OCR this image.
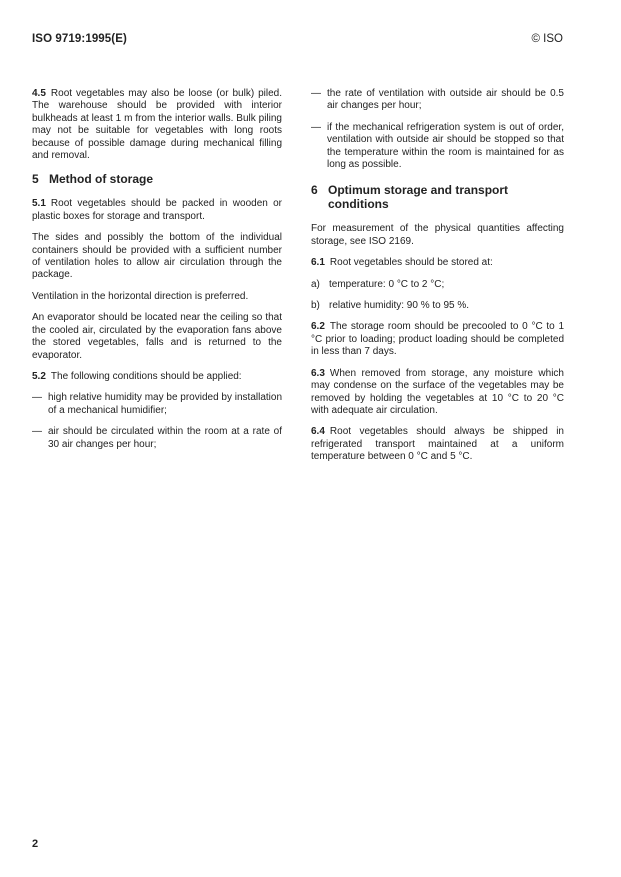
ISO 9719:1995(E)	© ISO

4.5 Root vegetables may also be loose (or bulk) piled. The warehouse should be provided with interior bulkheads at least 1 m from the interior walls. Bulk piling may not be suitable for vegetables with long roots because of possible damage during mechanical filling and removal.

5 Method of storage

5.1 Root vegetables should be packed in wooden or plastic boxes for storage and transport.

The sides and possibly the bottom of the individual containers should be provided with a sufficient number of ventilation holes to allow air circulation through the package.

Ventilation in the horizontal direction is preferred.

An evaporator should be located near the ceiling so that the cooled air, circulated by the evaporation fans above the stored vegetables, falls and is returned to the evaporator.

5.2 The following conditions should be applied:

— high relative humidity may be provided by installation of a mechanical humidifier;
— air should be circulated within the room at a rate of 30 air changes per hour;
— the rate of ventilation with outside air should be 0.5 air changes per hour;
— if the mechanical refrigeration system is out of order, ventilation with outside air should be stopped so that the temperature within the room is maintained for as long as possible.
6 Optimum storage and transport conditions

For measurement of the physical quantities affecting storage, see ISO 2169.

6.1 Root vegetables should be stored at:

a) temperature: 0 °C to 2 °C;
b) relative humidity: 90 % to 95 %.

6.2 The storage room should be precooled to 0 °C to 1 °C prior to loading; product loading should be completed in less than 7 days.

6.3 When removed from storage, any moisture which may condense on the surface of the vegetables may be removed by holding the vegetables at 10 °C to 20 °C with adequate air circulation.

6.4 Root vegetables should always be shipped in refrigerated transport maintained at a uniform temperature between 0 °C and 5 °C.

2
